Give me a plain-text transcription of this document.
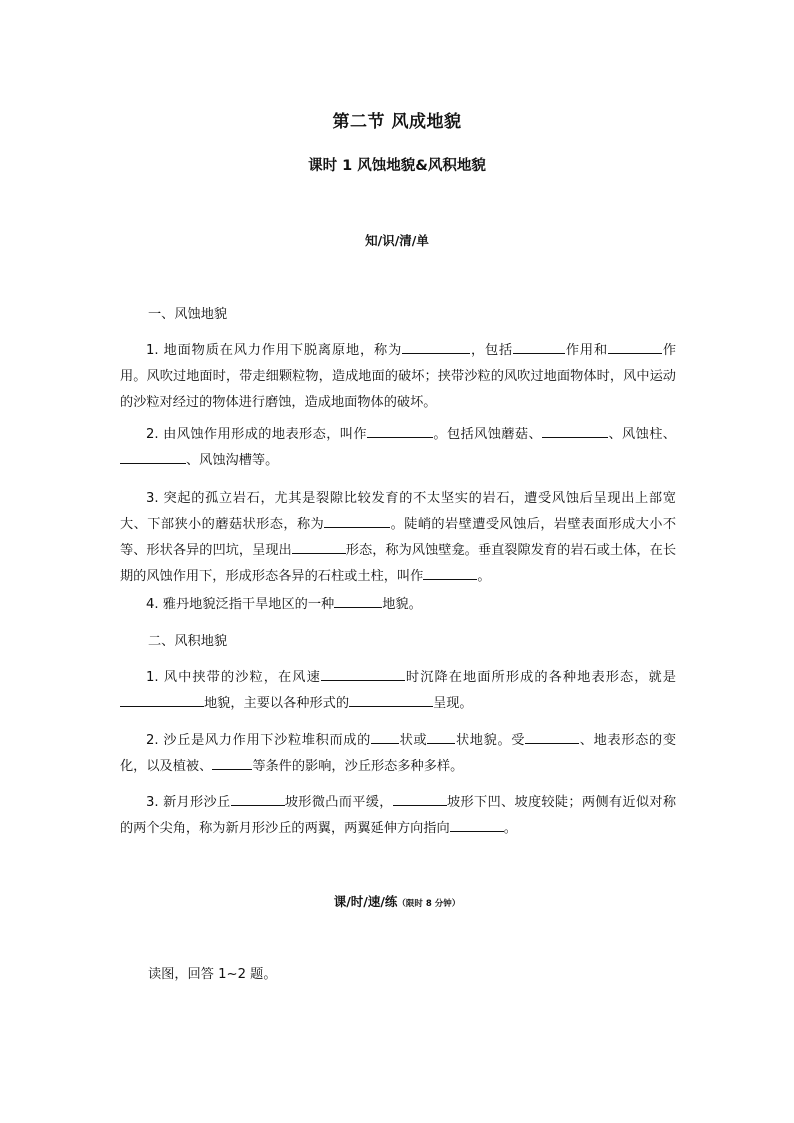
第二节 风成地貌
课时 1 风蚀地貌&风积地貌
知/识/清/单
一、风蚀地貌
1. 地面物质在风力作用下脱离原地，称为	，包括	作用和	作用。风吹过地面时，带走细颗粒物，造成地面的破坏；挟带沙粒的风吹过地面物体时，风中运动的沙粒对经过的物体进行磨蚀，造成地面物体的破坏。
2. 由风蚀作用形成的地表形态，叫作	。包括风蚀蘑菇、	、风蚀柱、、风蚀沟槽等。
3. 突起的孤立岩石，尤其是裂隙比较发育的不太坚实的岩石，遭受风蚀后呈现出上部宽大、下部狭小的蘑菇状形态，称为	。陡峭的岩壁遭受风蚀后，岩壁表面形成大小不等、形状各异的凹坑，呈现出	形态，称为风蚀壁龛。垂直裂隙发育的岩石或土体，在长期的风蚀作用下，形成形态各异的石柱或土柱，叫作	。
4. 雅丹地貌泛指干旱地区的一种	地貌。
二、风积地貌
1. 风中挟带的沙粒，在风速	时沉降在地面所形成的各种地表形态，就是地貌，主要以各种形式的	呈现。
2. 沙丘是风力作用下沙粒堆积而成的 状或 状地貌。受	、地表形态的变化，以及植被、	等条件的影响，沙丘形态多种多样。
3. 新月形沙丘	坡形微凸而平缓，	坡形下凹、坡度较陡；两侧有近似对称的两个尖角，称为新月形沙丘的两翼，两翼延伸方向指向	。
课/时/速/练（限时 8 分钟）
读图，回答 1~2 题。
